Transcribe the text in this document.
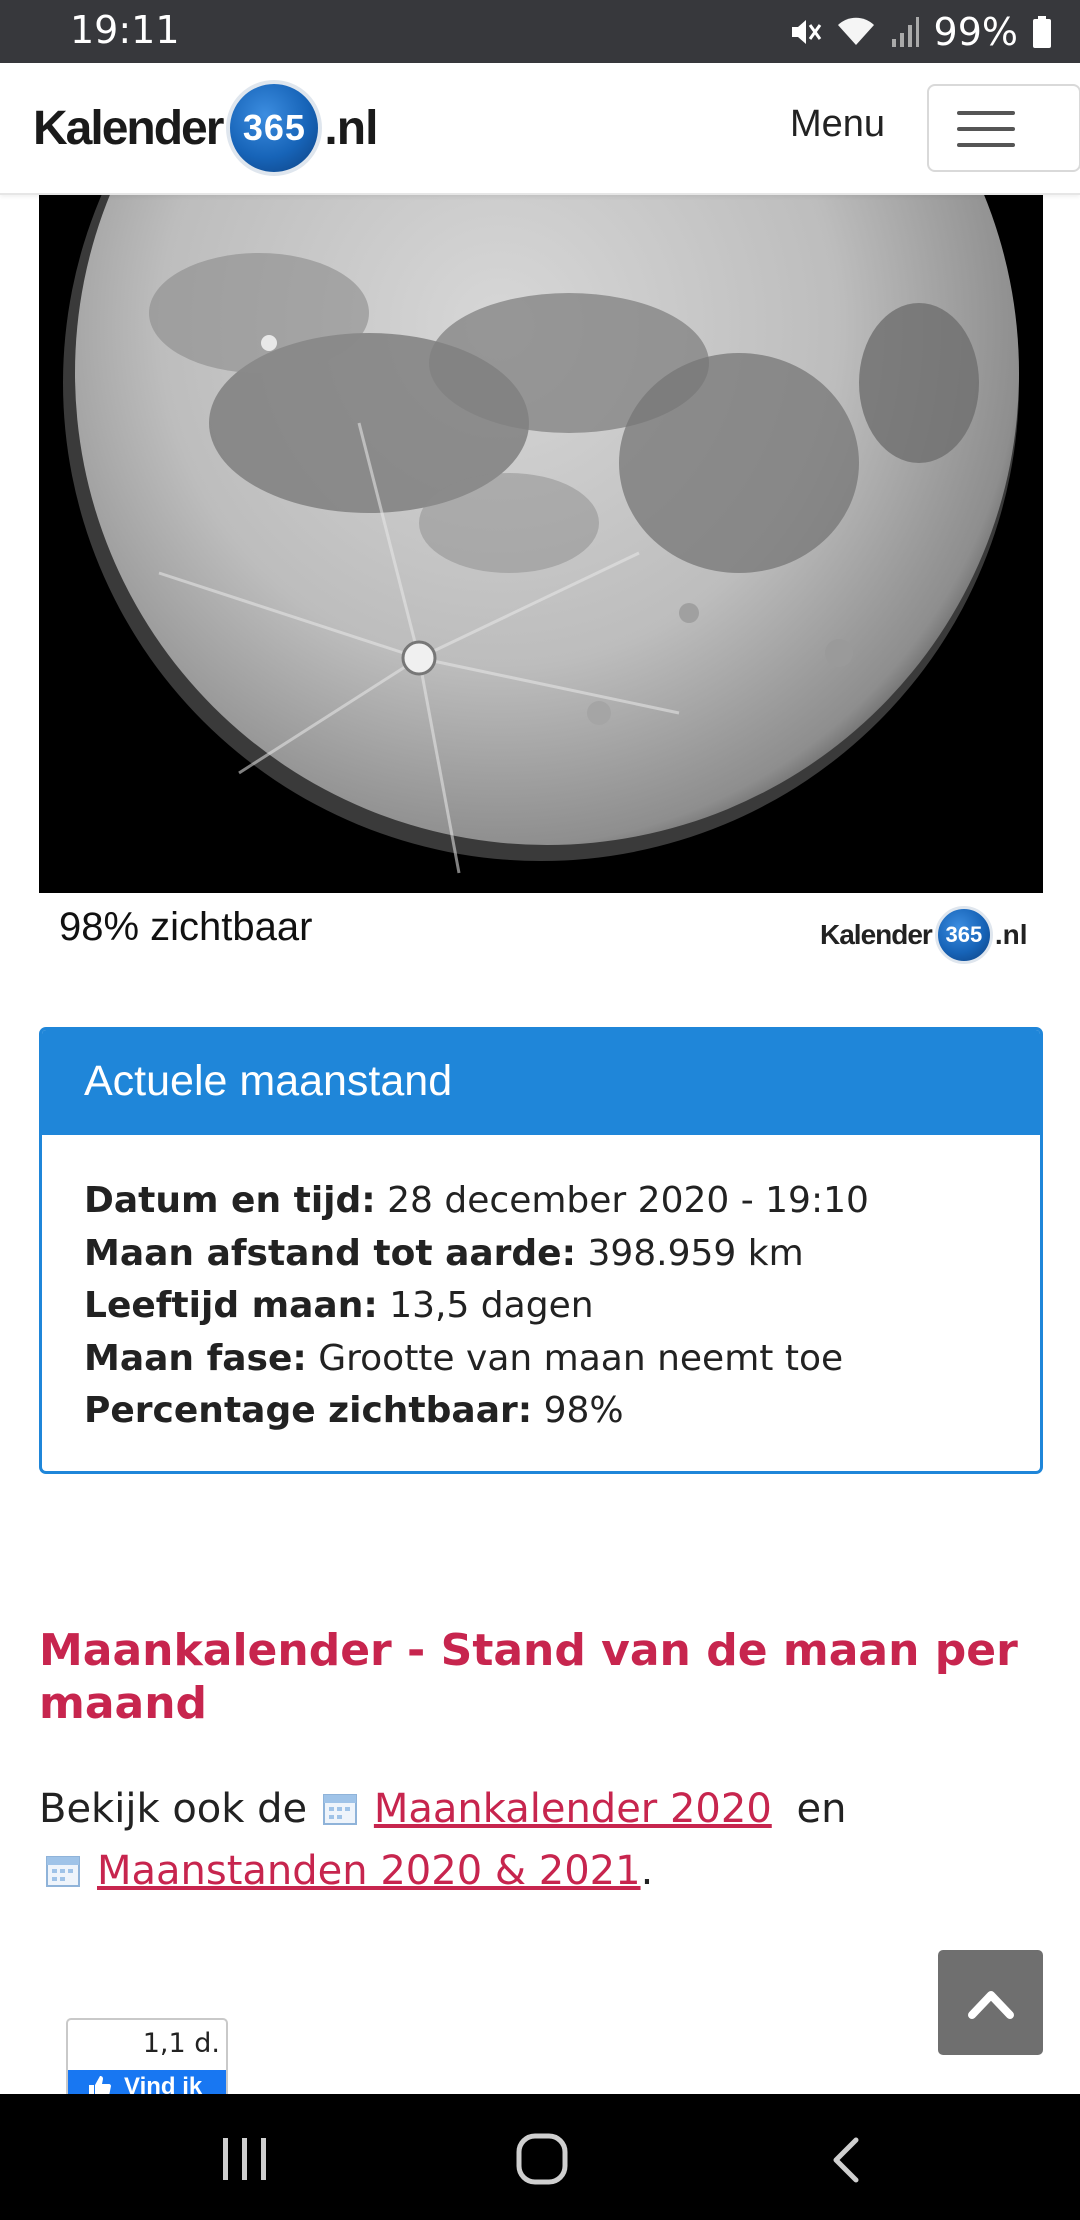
19:11	99%
Kalender 365 .nl	Menu
98% zichtbaar	Kalender 365 .nl
Actuele maanstand
Datum en tijd: 28 december 2020 - 19:10
Maan afstand tot aarde: 398.959 km
Leeftijd maan: 13,5 dagen
Maan fase: Grootte van maan neemt toe
Percentage zichtbaar: 98%
Maankalender - Stand van de maan per maand
Bekijk ook de Maankalender 2020 en
Maanstanden 2020 & 2021.
1,1 d.
Vind ik
